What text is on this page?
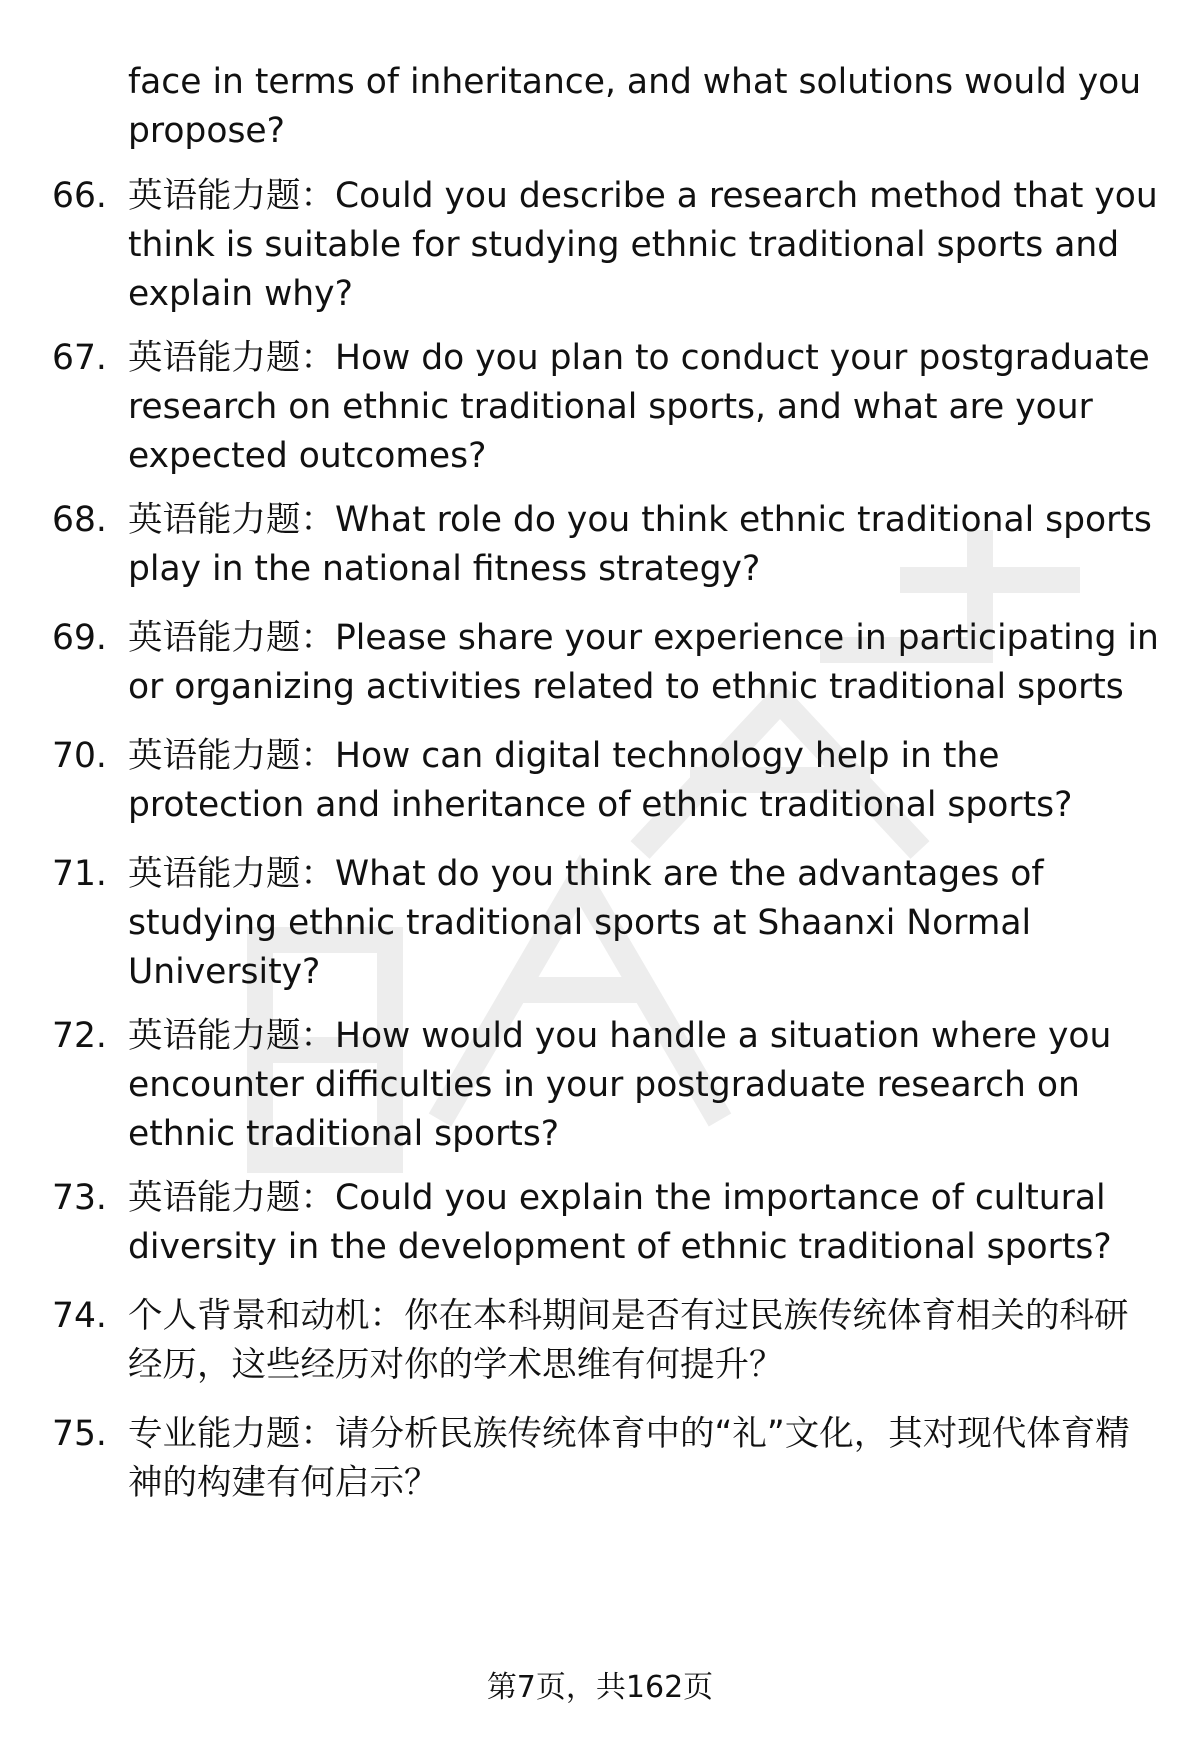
face in terms of inheritance, and what solutions would you propose?
66. 英语能力题：Could you describe a research method that you think is suitable for studying ethnic traditional sports and explain why?
67. 英语能力题：How do you plan to conduct your postgraduate research on ethnic traditional sports, and what are your expected outcomes?
68. 英语能力题：What role do you think ethnic traditional sports play in the national fitness strategy?
69. 英语能力题：Please share your experience in participating in or organizing activities related to ethnic traditional sports
70. 英语能力题：How can digital technology help in the protection and inheritance of ethnic traditional sports?
71. 英语能力题：What do you think are the advantages of studying ethnic traditional sports at Shaanxi Normal University?
72. 英语能力题：How would you handle a situation where you encounter difficulties in your postgraduate research on ethnic traditional sports?
73. 英语能力题：Could you explain the importance of cultural diversity in the development of ethnic traditional sports?
74. 个人背景和动机：你在本科期间是否有过民族传统体育相关的科研经历，这些经历对你的学术思维有何提升？
75. 专业能力题：请分析民族传统体育中的“礼”文化，其对现代体育精神的构建有何启示？
第7页，共162页
